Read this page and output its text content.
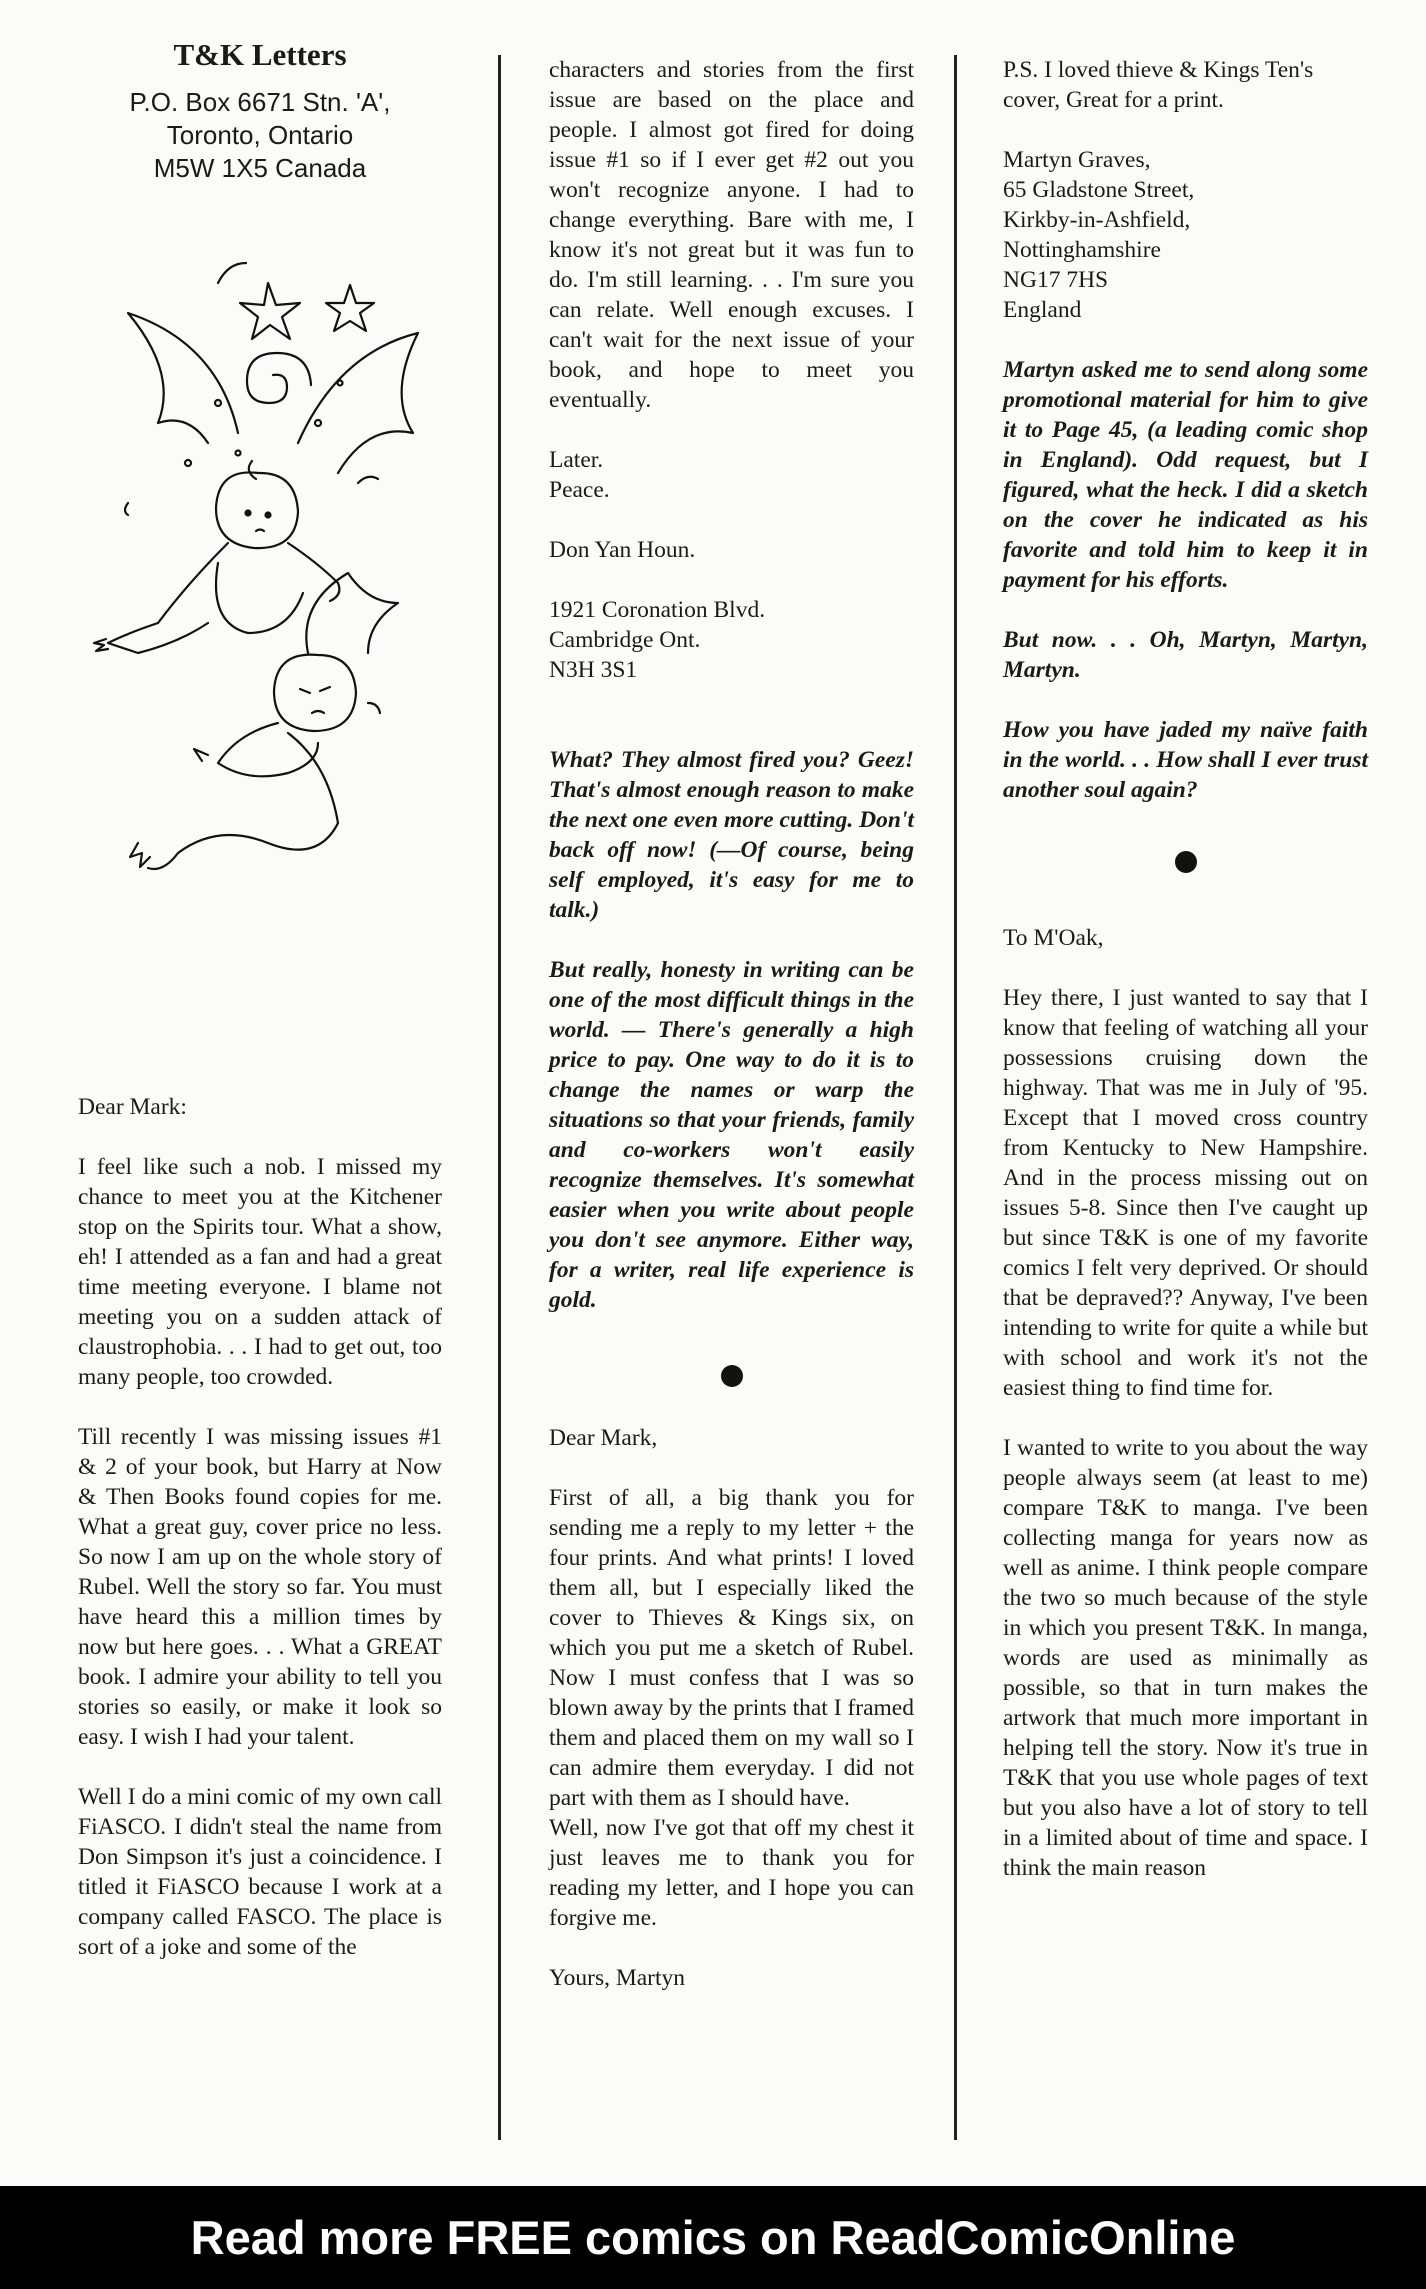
T&K Letters
P.O. Box 6671 Stn. 'A',
Toronto, Ontario
M5W 1X5 Canada

Dear Mark:

I feel like such a nob. I missed my chance to meet you at the Kitchener stop on the Spirits tour. What a show, eh! I attended as a fan and had a great time meeting everyone. I blame not meeting you on a sudden attack of claustrophobia. . . I had to get out, too many people, too crowded.

Till recently I was missing issues #1 & 2 of your book, but Harry at Now & Then Books found copies for me. What a great guy, cover price no less. So now I am up on the whole story of Rubel. Well the story so far. You must have heard this a million times by now but here goes. . . What a GREAT book. I admire your ability to tell you stories so easily, or make it look so easy. I wish I had your talent.

Well I do a mini comic of my own call FiASCO. I didn't steal the name from Don Simpson it's just a coincidence. I titled it FiASCO because I work at a company called FASCO. The place is sort of a joke and some of the

characters and stories from the first issue are based on the place and people. I almost got fired for doing issue #1 so if I ever get #2 out you won't recognize anyone. I had to change everything. Bare with me, I know it's not great but it was fun to do. I'm still learning. . . I'm sure you can relate. Well enough excuses. I can't wait for the next issue of your book, and hope to meet you eventually.

Later.

Peace.

Don Yan Houn.

1921 Coronation Blvd.

Cambridge Ont.

N3H 3S1

What? They almost fired you? Geez! That's almost enough reason to make the next one even more cutting. Don't back off now! (—Of course, being self employed, it's easy for me to talk.)

But really, honesty in writing can be one of the most difficult things in the world. — There's generally a high price to pay. One way to do it is to change the names or warp the situations so that your friends, family and co-workers won't easily recognize themselves. It's somewhat easier when you write about people you don't see anymore. Either way, for a writer, real life experience is gold.

Dear Mark,

First of all, a big thank you for sending me a reply to my letter + the four prints. And what prints! I loved them all, but I especially liked the cover to Thieves & Kings six, on which you put me a sketch of Rubel. Now I must confess that I was so blown away by the prints that I framed them and placed them on my wall so I can admire them everyday. I did not part with them as I should have.

Well, now I've got that off my chest it just leaves me to thank you for reading my letter, and I hope you can forgive me.

Yours, Martyn

P.S. I loved thieve & Kings Ten's cover, Great for a print.

Martyn Graves,

65 Gladstone Street,

Kirkby-in-Ashfield,

Nottinghamshire

NG17 7HS

England

Martyn asked me to send along some promotional material for him to give it to Page 45, (a leading comic shop in England). Odd request, but I figured, what the heck. I did a sketch on the cover he indicated as his favorite and told him to keep it in payment for his efforts.

But now. . . Oh, Martyn, Martyn, Martyn.

How you have jaded my naïve faith in the world. . . How shall I ever trust another soul again?

To M'Oak,

Hey there, I just wanted to say that I know that feeling of watching all your possessions cruising down the highway. That was me in July of '95. Except that I moved cross country from Kentucky to New Hampshire. And in the process missing out on issues 5-8. Since then I've caught up but since T&K is one of my favorite comics I felt very deprived. Or should that be depraved?? Anyway, I've been intending to write for quite a while but with school and work it's not the easiest thing to find time for.

I wanted to write to you about the way people always seem (at least to me) compare T&K to manga. I've been collecting manga for years now as well as anime. I think people compare the two so much because of the style in which you present T&K. In manga, words are used as minimally as possible, so that in turn makes the artwork that much more important in helping tell the story. Now it's true in T&K that you use whole pages of text but you also have a lot of story to tell in a limited about of time and space. I think the main reason

Read more FREE comics on ReadComicOnline
